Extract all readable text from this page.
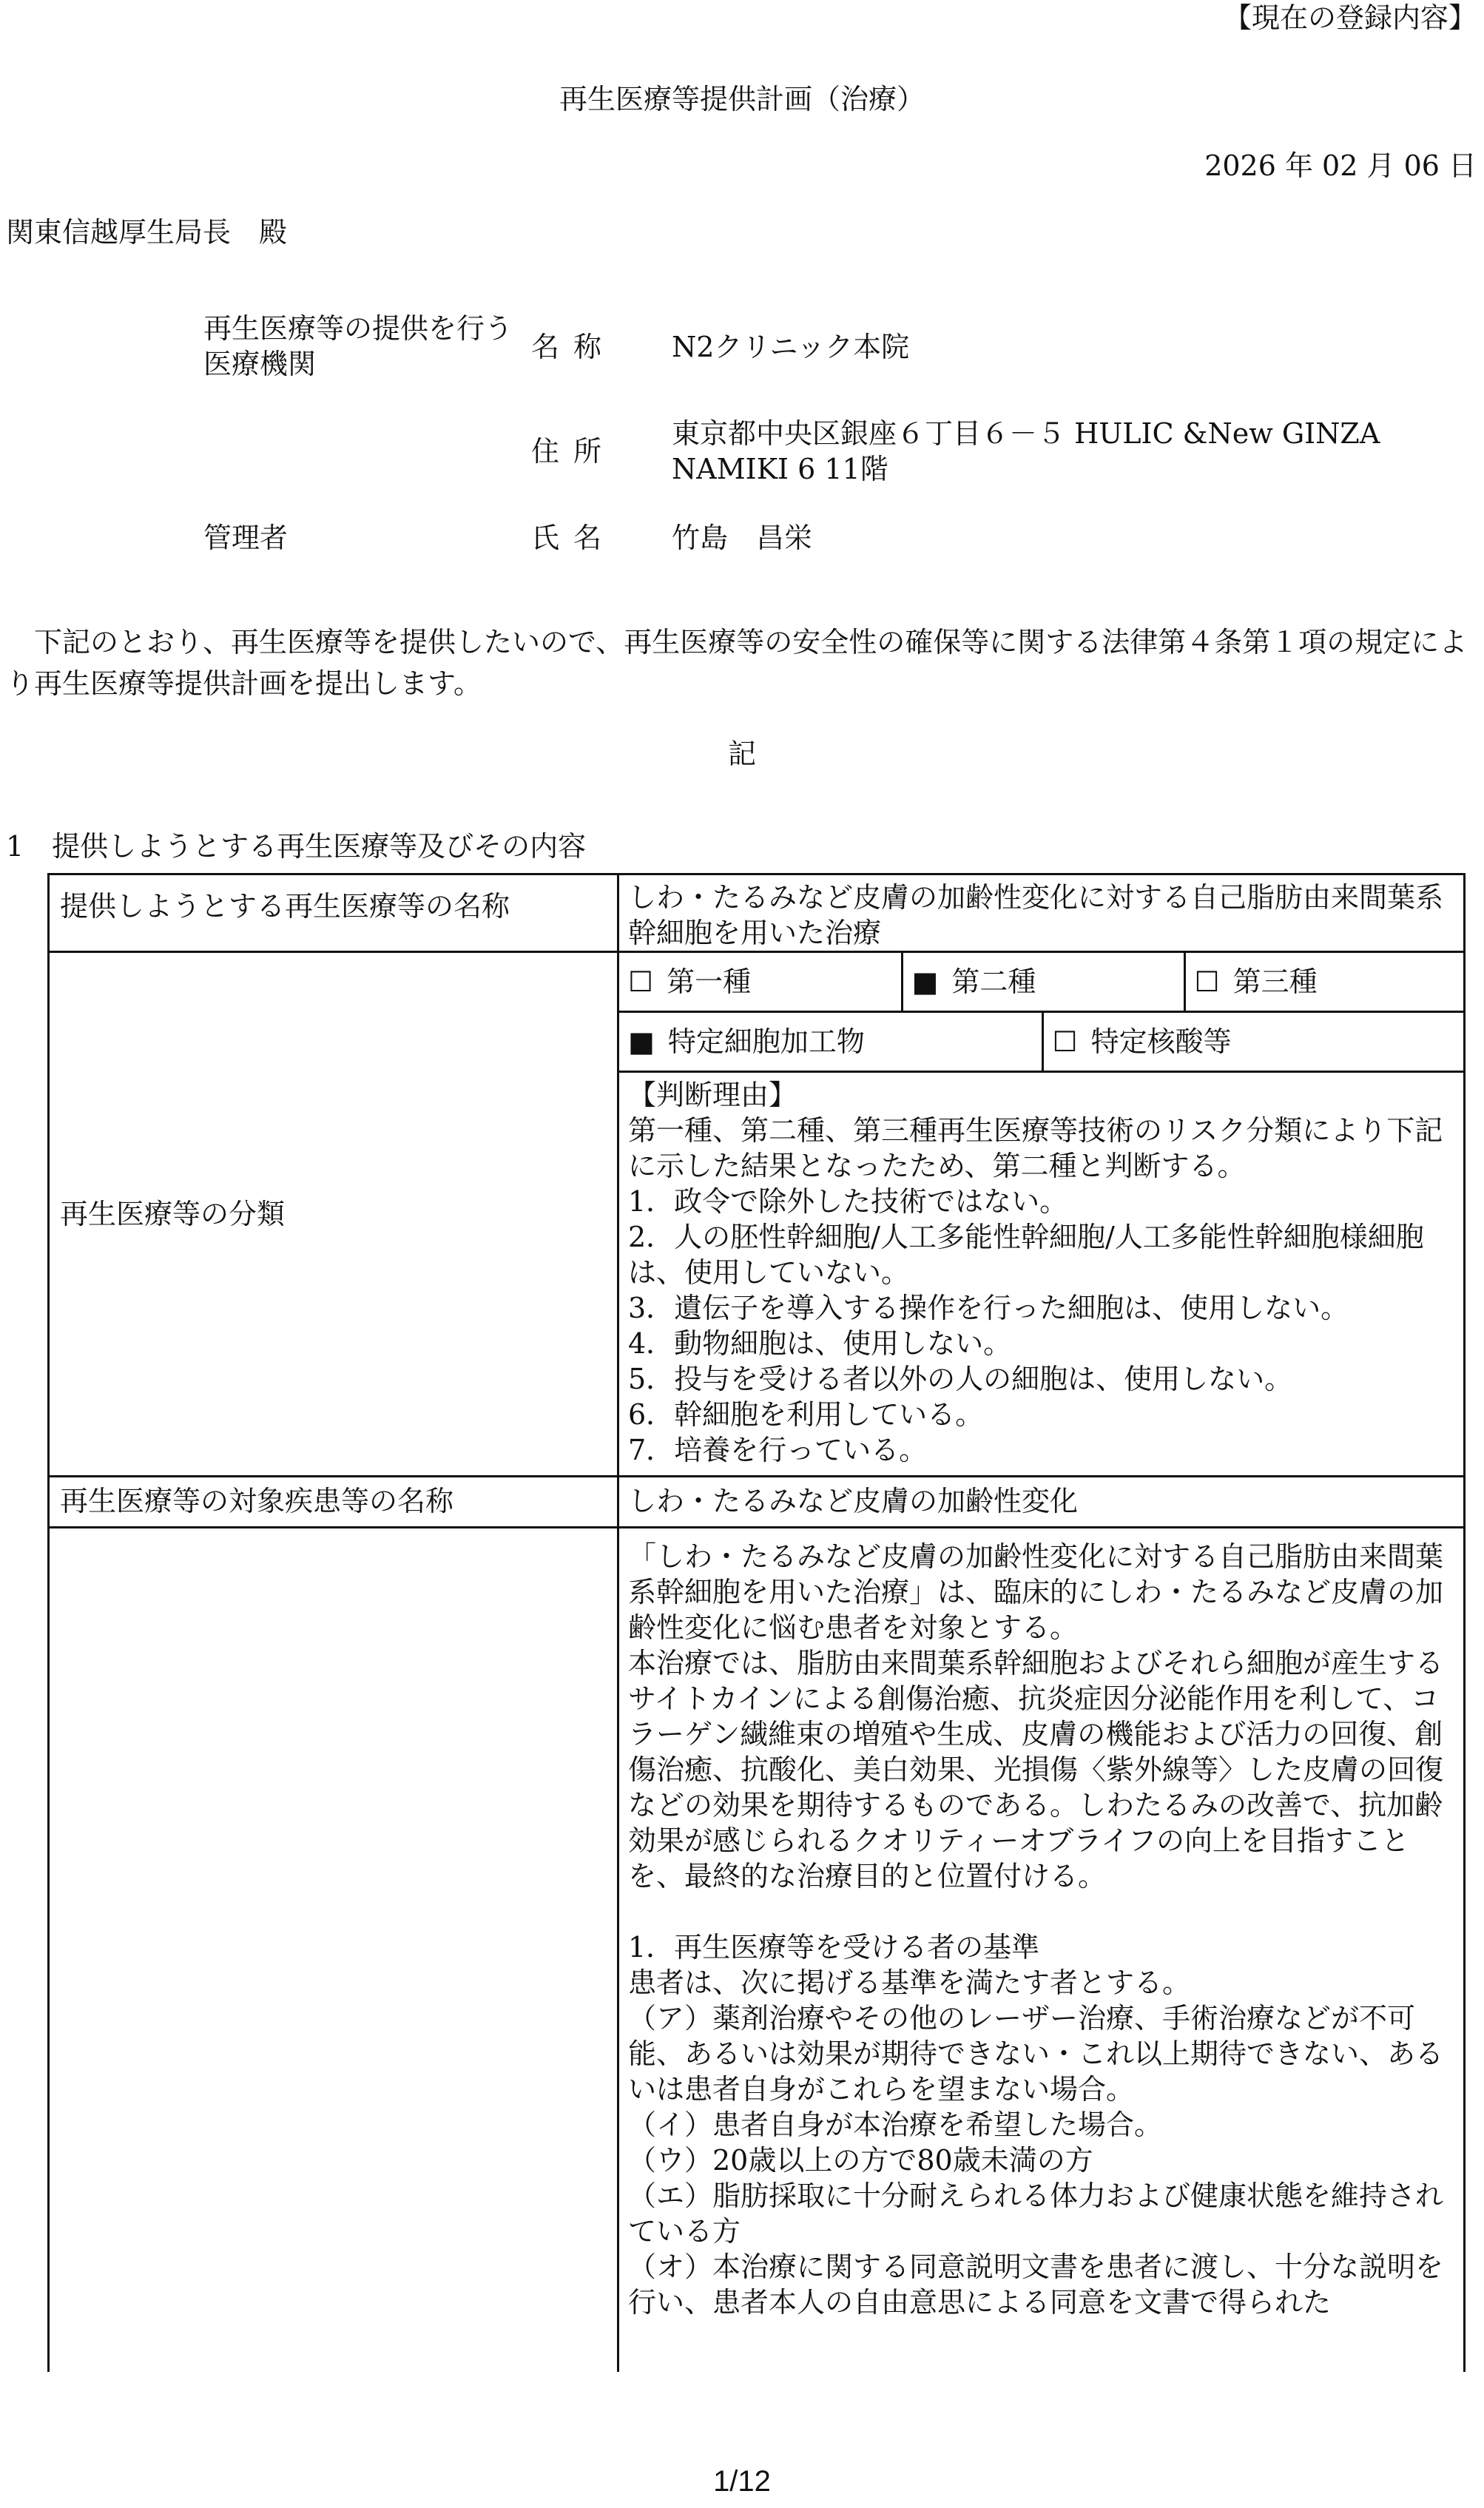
【現在の登録内容】
再生医療等提供計画（治療）
2026 年 02 月 06 日
関東信越厚生局長　殿
再生医療等の提供を行う医療機関
名称 N2クリニック本院
住所
東京都中央区銀座６丁目６－５ HULIC &New GINZA
NAMIKI 6 11階
管理者	氏名 竹島　昌栄
下記のとおり、再生医療等を提供したいので、再生医療等の安全性の確保等に関する法律第４条第１項の規定により再生医療等提供計画を提出します。
記
1　提供しようとする再生医療等及びその内容
提供しようとする再生医療等の名称	しわ・たるみなど皮膚の加齢性変化に対する自己脂肪由来間葉系幹細胞を用いた治療

再生医療等の分類	
☐ 第一種	■ 第二種	☐ 第三種
■ 特定細胞加工物	☐ 特定核酸等
【判断理由】
第一種、第二種、第三種再生医療等技術のリスク分類により下記に示した結果となったため、第二種と判断する。
1．政令で除外した技術ではない。
2．人の胚性幹細胞/人工多能性幹細胞/人工多能性幹細胞様細胞は、使用していない。
3．遺伝子を導入する操作を行った細胞は、使用しない。
4．動物細胞は、使用しない。
5．投与を受ける者以外の人の細胞は、使用しない。
6．幹細胞を利用している。
7．培養を行っている。

再生医療等の対象疾患等の名称	しわ・たるみなど皮膚の加齢性変化

「しわ・たるみなど皮膚の加齢性変化に対する自己脂肪由来間葉系幹細胞を用いた治療」は、臨床的にしわ・たるみなど皮膚の加齢性変化に悩む患者を対象とする。
本治療では、脂肪由来間葉系幹細胞およびそれら細胞が産生するサイトカインによる創傷治癒、抗炎症因分泌能作用を利して、コラーゲン繊維束の増殖や生成、皮膚の機能および活力の回復、創傷治癒、抗酸化、美白効果、光損傷〈紫外線等〉した皮膚の回復などの効果を期待するものである。しわたるみの改善で、抗加齢効果が感じられるクオリティーオブライフの向上を目指すことを、最終的な治療目的と位置付ける。
1．再生医療等を受ける者の基準
患者は、次に掲げる基準を満たす者とする。
（ア）薬剤治療やその他のレーザー治療、手術治療などが不可能、あるいは効果が期待できない・これ以上期待できない、あるいは患者自身がこれらを望まない場合。
（イ）患者自身が本治療を希望した場合。
（ウ）20歳以上の方で80歳未満の方
（エ）脂肪採取に十分耐えられる体力および健康状態を維持されている方
（オ）本治療に関する同意説明文書を患者に渡し、十分な説明を行い、患者本人の自由意思による同意を文書で得られた
1/12
